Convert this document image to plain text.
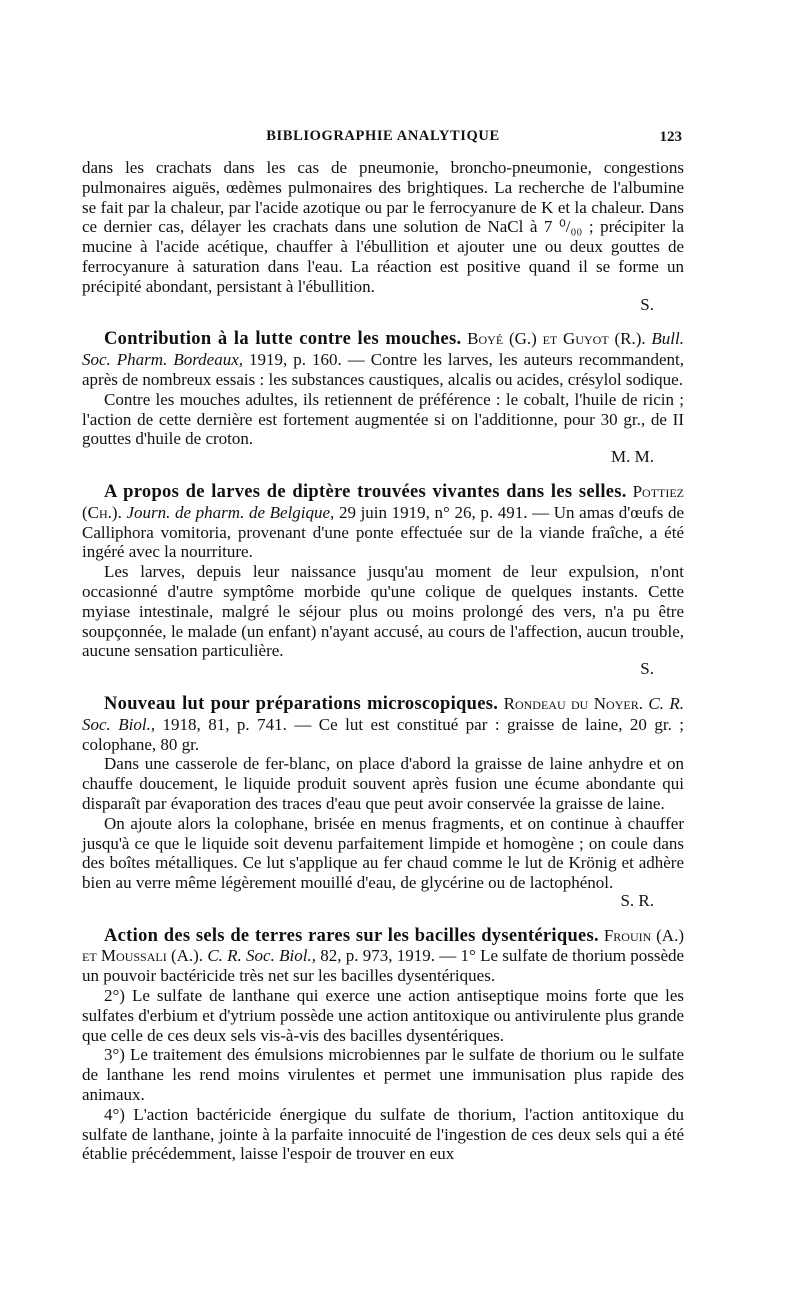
BIBLIOGRAPHIE ANALYTIQUE	123

dans les crachats dans les cas de pneumonie, broncho-pneumonie, congestions pulmonaires aiguës, œdèmes pulmonaires des brightiques. La recherche de l'albumine se fait par la chaleur, par l'acide azotique ou par le ferrocyanure de K et la chaleur. Dans ce dernier cas, délayer les crachats dans une solution de NaCl à 7 ⁰/₀₀ ; précipiter la mucine à l'acide acétique, chauffer à l'ébullition et ajouter une ou deux gouttes de ferrocyanure à saturation dans l'eau. La réaction est positive quand il se forme un précipité abondant, persistant à l'ébullition.

S.

Contribution à la lutte contre les mouches. Boyé (G.) et Guyot (R.). Bull. Soc. Pharm. Bordeaux, 1919, p. 160. — Contre les larves, les auteurs recommandent, après de nombreux essais : les substances caustiques, alcalis ou acides, crésylol sodique.

Contre les mouches adultes, ils retiennent de préférence : le cobalt, l'huile de ricin ; l'action de cette dernière est fortement augmentée si on l'additionne, pour 30 gr., de II gouttes d'huile de croton.

M. M.

A propos de larves de diptère trouvées vivantes dans les selles. Pottiez (Ch.). Journ. de pharm. de Belgique, 29 juin 1919, n° 26, p. 491. — Un amas d'œufs de Calliphora vomitoria, provenant d'une ponte effectuée sur de la viande fraîche, a été ingéré avec la nourriture.

Les larves, depuis leur naissance jusqu'au moment de leur expulsion, n'ont occasionné d'autre symptôme morbide qu'une colique de quelques instants. Cette myiase intestinale, malgré le séjour plus ou moins prolongé des vers, n'a pu être soupçonnée, le malade (un enfant) n'ayant accusé, au cours de l'affection, aucun trouble, aucune sensation particulière.

S.

Nouveau lut pour préparations microscopiques. Rondeau du Noyer. C. R. Soc. Biol., 1918, 81, p. 741. — Ce lut est constitué par : graisse de laine, 20 gr. ; colophane, 80 gr.

Dans une casserole de fer-blanc, on place d'abord la graisse de laine anhydre et on chauffe doucement, le liquide produit souvent après fusion une écume abondante qui disparaît par évaporation des traces d'eau que peut avoir conservée la graisse de laine.

On ajoute alors la colophane, brisée en menus fragments, et on continue à chauffer jusqu'à ce que le liquide soit devenu parfaitement limpide et homogène ; on coule dans des boîtes métalliques. Ce lut s'applique au fer chaud comme le lut de Krönig et adhère bien au verre même légèrement mouillé d'eau, de glycérine ou de lactophénol.

S. R.

Action des sels de terres rares sur les bacilles dysentériques. Frouin (A.) et Moussali (A.). C. R. Soc. Biol., 82, p. 973, 1919. — 1° Le sulfate de thorium possède un pouvoir bactéricide très net sur les bacilles dysentériques.

2°) Le sulfate de lanthane qui exerce une action antiseptique moins forte que les sulfates d'erbium et d'ytrium possède une action antitoxique ou antivirulente plus grande que celle de ces deux sels vis-à-vis des bacilles dysentériques.

3°) Le traitement des émulsions microbiennes par le sulfate de thorium ou le sulfate de lanthane les rend moins virulentes et permet une immunisation plus rapide des animaux.

4°) L'action bactéricide énergique du sulfate de thorium, l'action antitoxique du sulfate de lanthane, jointe à la parfaite innocuité de l'ingestion de ces deux sels qui a été établie précédemment, laisse l'espoir de trouver en eux
